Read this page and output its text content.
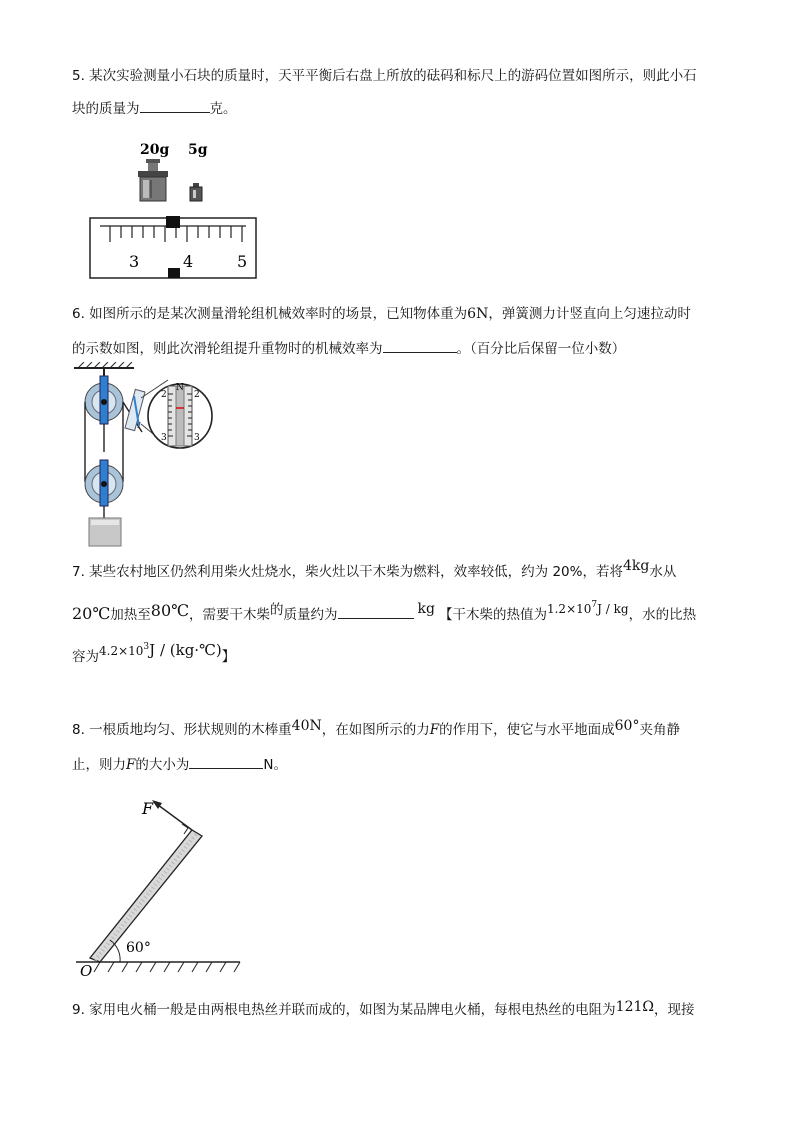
5. 某次实验测量小石块的质量时，天平平衡后右盘上所放的砝码和标尺上的游码位置如图所示，则此小石
块的质量为	克。
20g 5g
3	4	5
6. 如图所示的是某次测量滑轮组机械效率时的场景，已知物体重为6N，弹簧测力计竖直向上匀速拉动时
的示数如图，则此次滑轮组提升重物时的机械效率为	。（百分比后保留一位小数）
N
2	2
3	3
7. 某些农村地区仍然利用柴火灶烧水，柴火灶以干木柴为燃料，效率较低，约为 20%，若将4kg水从
20℃加热至80℃，需要干木柴的质量约为	kg 【干木柴的热值为$1.2\times 10^7J$ / kg，水的比热
容为$4.2\times 10^3J$ / (kg·℃)】
8. 一根质地均匀、形状规则的木棒重40N，在如图所示的力F的作用下，使它与水平地面成60°夹角静
止，则力F的大小为	N。
F
60°
O
9. 家用电火桶一般是由两根电热丝并联而成的，如图为某品牌电火桶，每根电热丝的电阻为121Ω，现接
